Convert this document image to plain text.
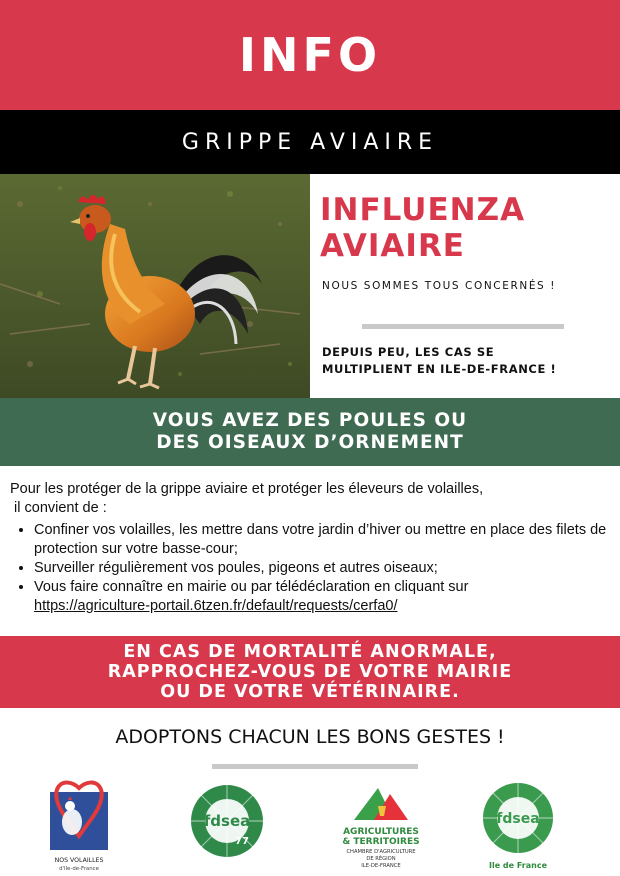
INFO
GRIPPE AVIAIRE
INFLUENZA
AVIAIRE
NOUS SOMMES TOUS CONCERNÉS !
DEPUIS PEU, LES CAS SE
MULTIPLIENT EN ILE-DE-FRANCE !
VOUS AVEZ DES POULES OU
DES OISEAUX D’ORNEMENT

Pour les protéger de la grippe aviaire et protéger les éleveurs de volailles,

il convient de :

• Confiner vos volailles, les mettre dans votre jardin d’hiver ou mettre en place des filets de protection sur votre basse-cour;
• Surveiller régulièrement vos poules, pigeons et autres oiseaux;
• Vous faire connaître en mairie ou par télédéclaration en cliquant sur
https://agriculture-portail.6tzen.fr/default/requests/cerfa0/
EN CAS DE MORTALITÉ ANORMALE,
RAPPROCHEZ-VOUS DE VOTRE MAIRIE
OU DE VOTRE VÉTÉRINAIRE.
ADOPTONS CHACUN LES BONS GESTES !
NOS VOLAILLES
d'Ile-de-France
fdsea
77
AGRICULTURES
& TERRITOIRES
CHAMBRE D'AGRICULTURE
DE RÉGION
ILE-DE-FRANCE
fdsea
Ile de France
